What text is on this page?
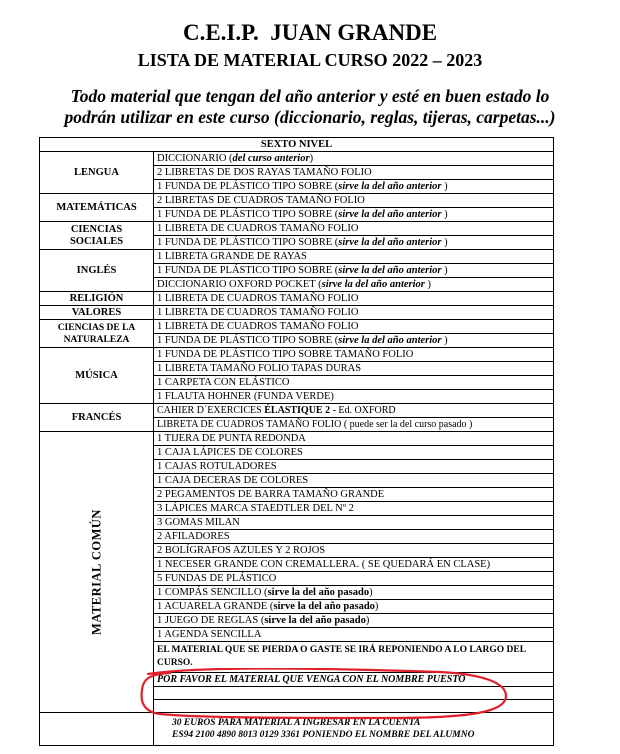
C.E.I.P.  JUAN GRANDE
LISTA DE MATERIAL CURSO 2022 – 2023
Todo material que tengan del año anterior y esté en buen estado lo
podrán utilizar en este curso (diccionario, reglas, tijeras, carpetas...)
SEXTO NIVEL	
LENGUA	DICCIONARIO (del curso anterior)
	2 LIBRETAS DE DOS RAYAS TAMAÑO FOLIO
	1 FUNDA DE PLÁSTICO TIPO SOBRE (sirve la del año anterior )
MATEMÁTICAS	2 LIBRETAS DE CUADROS TAMAÑO FOLIO
	1 FUNDA DE PLÁSTICO TIPO SOBRE (sirve la del año anterior )
CIENCIAS
SOCIALES	1 LIBRETA DE CUADROS TAMAÑO FOLIO
	1 FUNDA DE PLÁSTICO TIPO SOBRE (sirve la del año anterior )
INGLÉS	1 LIBRETA GRANDE DE RAYAS
	1 FUNDA DE PLÁSTICO TIPO SOBRE (sirve la del año anterior )
	DICCIONARIO OXFORD POCKET (sirve la del año anterior )
RELIGIÓN	1 LIBRETA DE CUADROS TAMAÑO FOLIO
VALORES	1 LIBRETA DE CUADROS TAMAÑO FOLIO
CIENCIAS DE LA
NATURALEZA	1 LIBRETA DE CUADROS TAMAÑO FOLIO
	1 FUNDA DE PLÁSTICO TIPO SOBRE (sirve la del año anterior )
MÚSICA	1 FUNDA DE PLÁSTICO TIPO SOBRE TAMAÑO FOLIO
	1 LIBRETA TAMAÑO FOLIO TAPAS DURAS
	1 CARPETA CON ELÁSTICO
	1 FLAUTA HOHNER (FUNDA VERDE)
FRANCÉS	CAHIER D´EXERCICES ÉLASTIQUE 2 - Ed. OXFORD
	LIBRETA DE CUADROS TAMAÑO FOLIO ( puede ser la del curso pasado )

MATERIAL COMÚN	1 TIJERA DE PUNTA REDONDA
	1 CAJA LÁPICES DE COLORES
	1 CAJAS ROTULADORES
	1 CAJA DECERAS DE COLORES
	2 PEGAMENTOS DE BARRA TAMAÑO GRANDE
	3 LÁPICES MARCA STAEDTLER DEL Nº 2
	3 GOMAS MILAN
	2 AFILADORES
	2 BOLÍGRAFOS AZULES Y 2 ROJOS
	1 NECESER GRANDE CON CREMALLERA. ( SE QUEDARÁ EN CLASE)
	5 FUNDAS DE PLÁSTICO
	1 COMPÁS SENCILLO (sirve la del año pasado)
	1 ACUARELA GRANDE (sirve la del año pasado)
	1 JUEGO DE REGLAS (sirve la del año pasado)
	1 AGENDA SENCILLA
	EL MATERIAL QUE SE PIERDA O GASTE SE IRÁ REPONIENDO A LO LARGO DEL CURSO.
	POR FAVOR EL MATERIAL QUE VENGA CON EL NOMBRE PUESTO

	30 EUROS PARA MATERIAL A INGRESAR EN LA CUENTA
ES94 2100 4890 8013 0129 3361 PONIENDO EL NOMBRE DEL ALUMNO
